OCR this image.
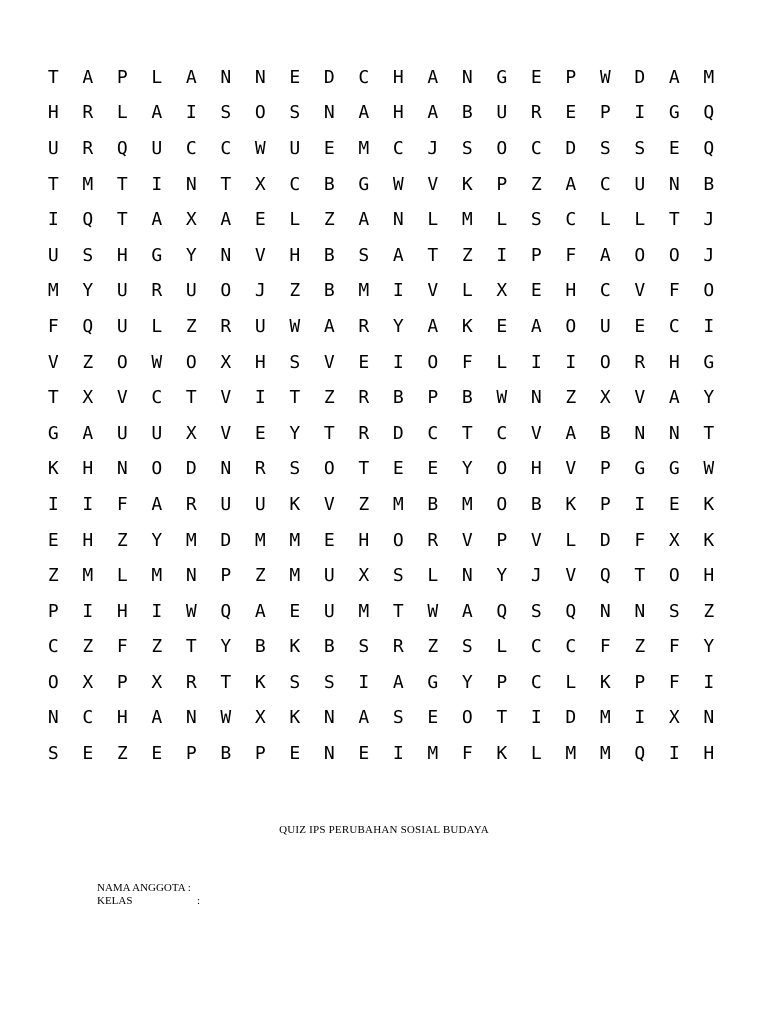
T	A	P	L	A	N	N	E	D	C	H	A	N	G	E	P	W	D	A	M
H	R	L	A	I	S	O	S	N	A	H	A	B	U	R	E	P	I	G	Q
U	R	Q	U	C	C	W	U	E	M	C	J	S	O	C	D	S	S	E	Q
T	M	T	I	N	T	X	C	B	G	W	V	K	P	Z	A	C	U	N	B
I	Q	T	A	X	A	E	L	Z	A	N	L	M	L	S	C	L	L	T	J
U	S	H	G	Y	N	V	H	B	S	A	T	Z	I	P	F	A	O	O	J
M	Y	U	R	U	O	J	Z	B	M	I	V	L	X	E	H	C	V	F	O
F	Q	U	L	Z	R	U	W	A	R	Y	A	K	E	A	O	U	E	C	I
V	Z	O	W	O	X	H	S	V	E	I	O	F	L	I	I	O	R	H	G
T	X	V	C	T	V	I	T	Z	R	B	P	B	W	N	Z	X	V	A	Y
G	A	U	U	X	V	E	Y	T	R	D	C	T	C	V	A	B	N	N	T
K	H	N	O	D	N	R	S	O	T	E	E	Y	O	H	V	P	G	G	W
I	I	F	A	R	U	U	K	V	Z	M	B	M	O	B	K	P	I	E	K
E	H	Z	Y	M	D	M	M	E	H	O	R	V	P	V	L	D	F	X	K
Z	M	L	M	N	P	Z	M	U	X	S	L	N	Y	J	V	Q	T	O	H
P	I	H	I	W	Q	A	E	U	M	T	W	A	Q	S	Q	N	N	S	Z
C	Z	F	Z	T	Y	B	K	B	S	R	Z	S	L	C	C	F	Z	F	Y
O	X	P	X	R	T	K	S	S	I	A	G	Y	P	C	L	K	P	F	I
N	C	H	A	N	W	X	K	N	A	S	E	O	T	I	D	M	I	X	N
S	E	Z	E	P	B	P	E	N	E	I	M	F	K	L	M	M	Q	I	H
QUIZ IPS PERUBAHAN SOSIAL BUDAYA
NAMA ANGGOTA :
KELAS	:
